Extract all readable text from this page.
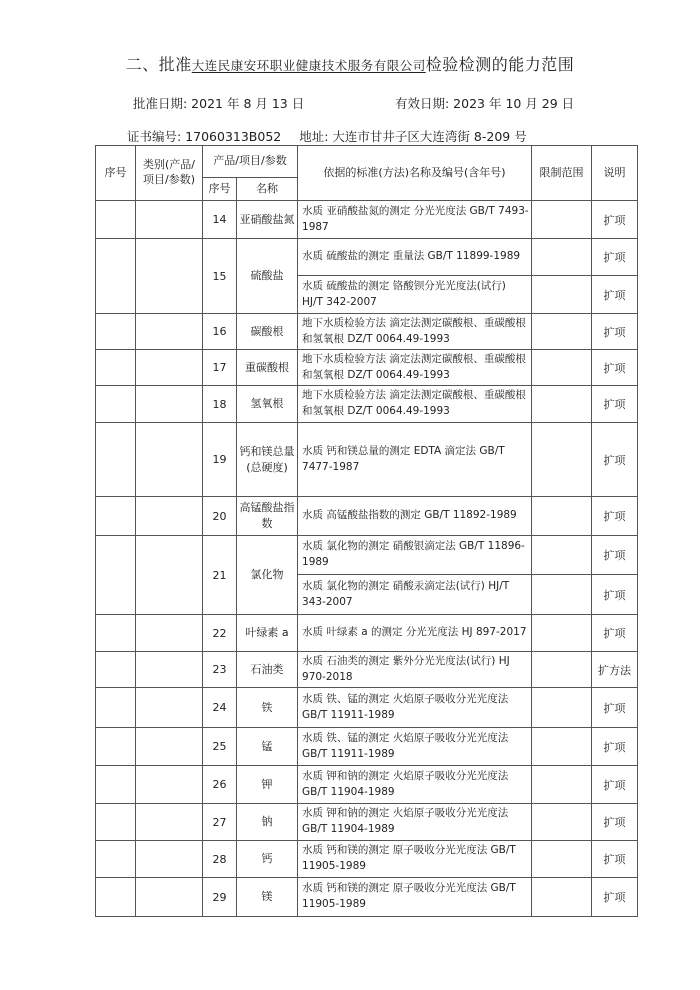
二、批准大连民康安环职业健康技术服务有限公司检验检测的能力范围
批准日期: 2021 年 8 月 13 日	有效日期: 2023 年 10 月 29 日
证书编号: 17060313B052 地址: 大连市甘井子区大连湾街 8-209 号
序号	类别(产品/项目/参数)	产品/项目/参数		依据的标准(方法)名称及编号(含年号)	限制范围	说明
		序号	名称			
		14	亚硝酸盐氮	水质 亚硝酸盐氮的测定 分光光度法 GB/T 7493-1987		扩项
		15	硫酸盐	水质 硫酸盐的测定 重量法 GB/T 11899-1989		扩项
				水质 硫酸盐的测定 铬酸钡分光光度法(试行) HJ/T 342-2007		扩项
		16	碳酸根	地下水质检验方法 滴定法测定碳酸根、重碳酸根和氢氧根 DZ/T 0064.49-1993		扩项
		17	重碳酸根	地下水质检验方法 滴定法测定碳酸根、重碳酸根和氢氧根 DZ/T 0064.49-1993		扩项
		18	氢氧根	地下水质检验方法 滴定法测定碳酸根、重碳酸根和氢氧根 DZ/T 0064.49-1993		扩项
		19	钙和镁总量(总硬度)	水质 钙和镁总量的测定 EDTA 滴定法 GB/T 7477-1987		扩项
		20	高锰酸盐指数	水质 高锰酸盐指数的测定 GB/T 11892-1989		扩项
		21	氯化物	水质 氯化物的测定 硝酸银滴定法 GB/T 11896-1989		扩项
				水质 氯化物的测定 硝酸汞滴定法(试行) HJ/T 343-2007		扩项
		22	叶绿素 a	水质 叶绿素 a 的测定 分光光度法 HJ 897-2017		扩项
		23	石油类	水质 石油类的测定 紫外分光光度法(试行) HJ 970-2018		扩方法
		24	铁	水质 铁、锰的测定 火焰原子吸收分光光度法 GB/T 11911-1989		扩项
		25	锰	水质 铁、锰的测定 火焰原子吸收分光光度法 GB/T 11911-1989		扩项
		26	钾	水质 钾和钠的测定 火焰原子吸收分光光度法 GB/T 11904-1989		扩项
		27	钠	水质 钾和钠的测定 火焰原子吸收分光光度法 GB/T 11904-1989		扩项
		28	钙	水质 钙和镁的测定 原子吸收分光光度法 GB/T 11905-1989		扩项
		29	镁	水质 钙和镁的测定 原子吸收分光光度法 GB/T 11905-1989		扩项
